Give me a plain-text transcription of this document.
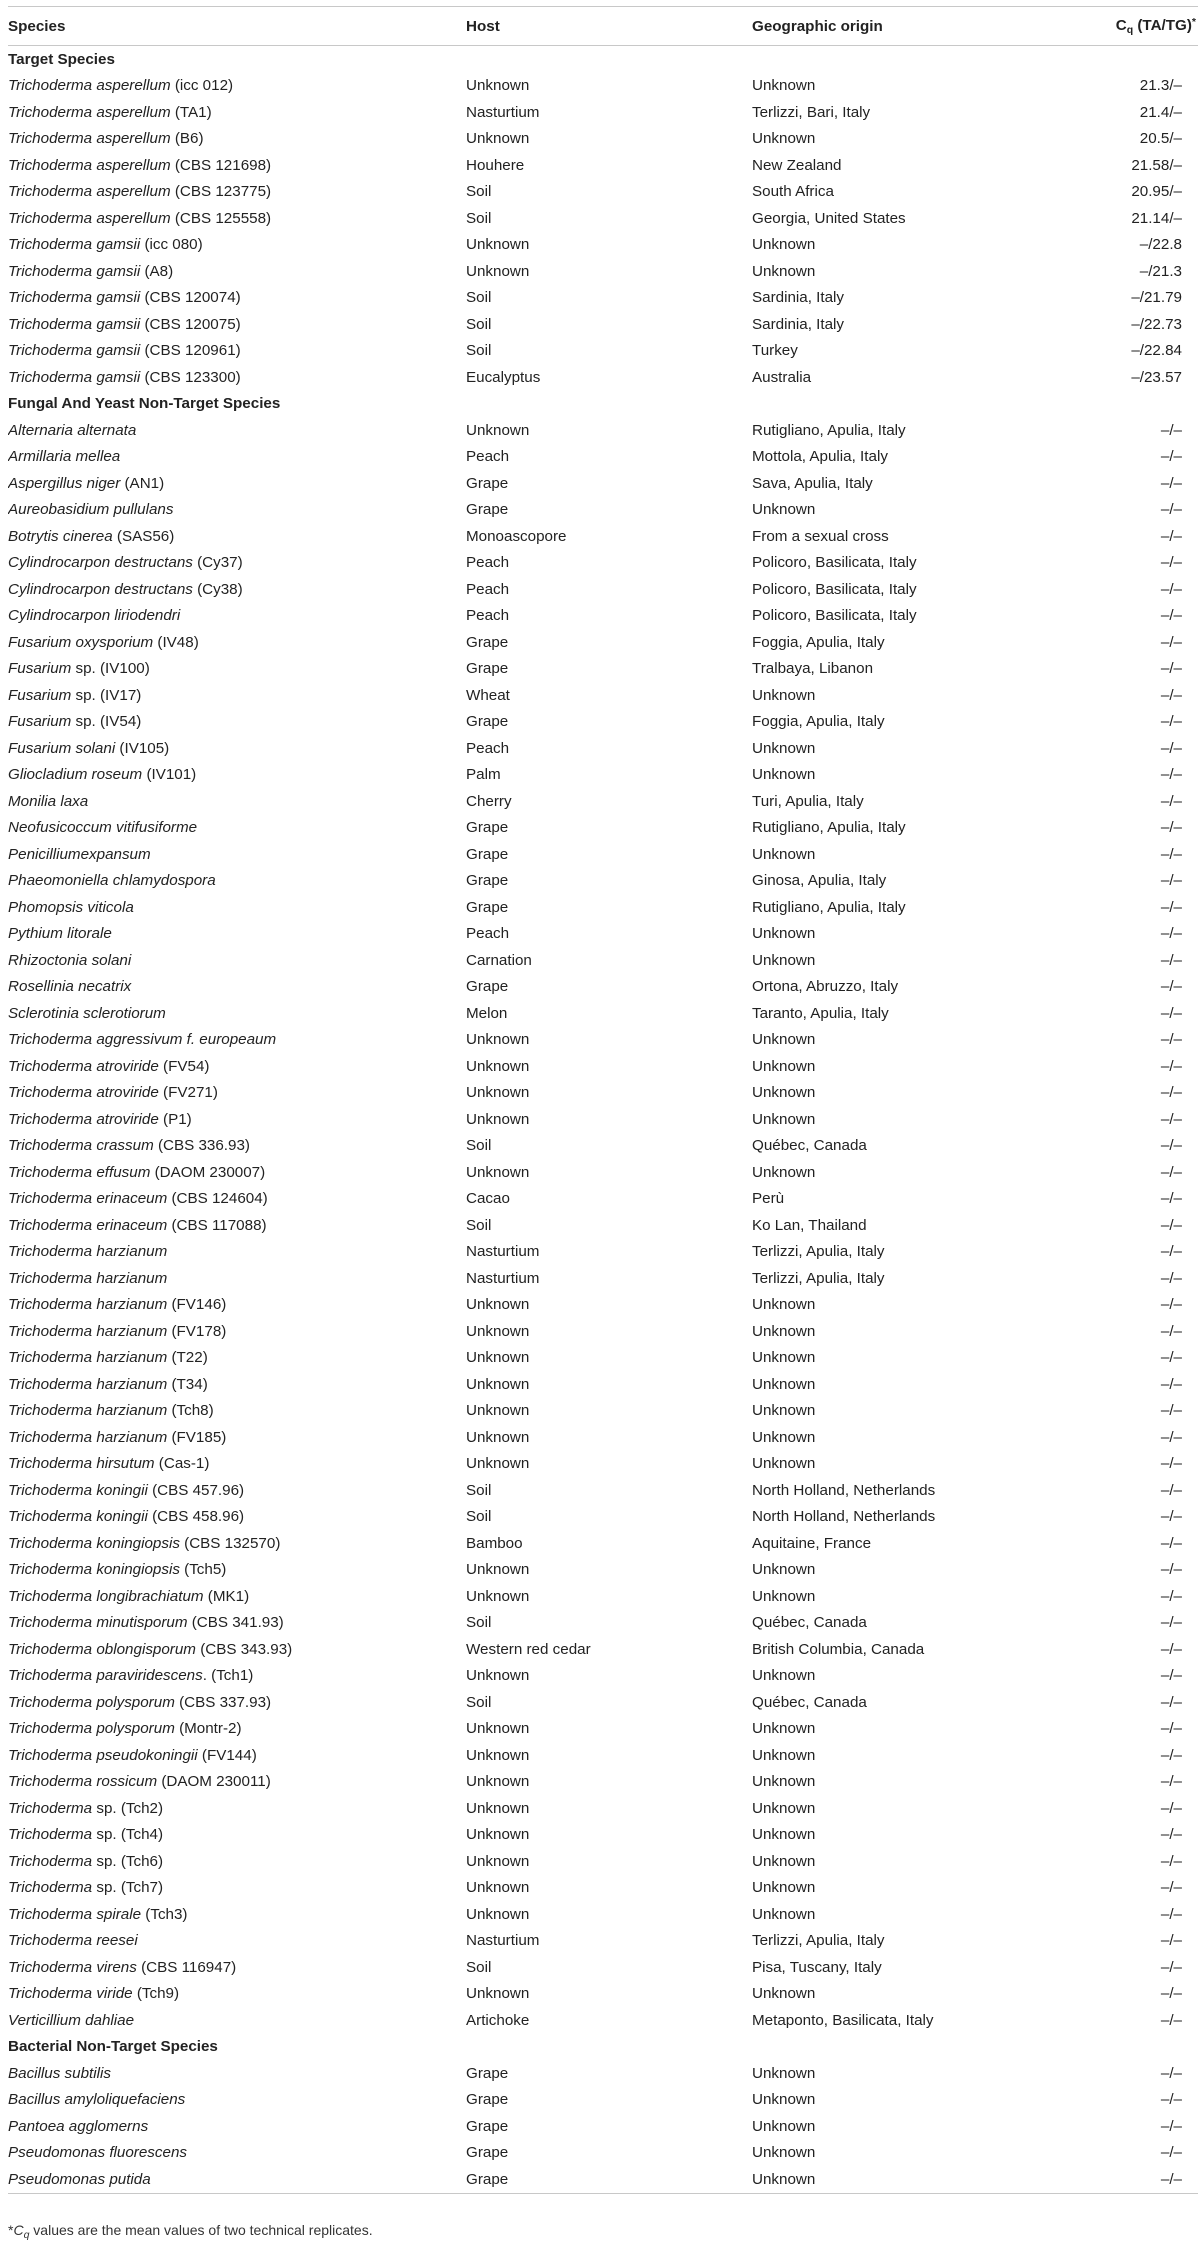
Species	Host	Geographic origin	$C_q$ (TA/TG)*
Target Species			
Trichoderma asperellum (icc 012)	Unknown	Unknown	21.3/–
Trichoderma asperellum (TA1)	Nasturtium	Terlizzi, Bari, Italy	21.4/–
Trichoderma asperellum (B6)	Unknown	Unknown	20.5/–
Trichoderma asperellum (CBS 121698)	Houhere	New Zealand	21.58/–
Trichoderma asperellum (CBS 123775)	Soil	South Africa	20.95/–
Trichoderma asperellum (CBS 125558)	Soil	Georgia, United States	21.14/–
Trichoderma gamsii (icc 080)	Unknown	Unknown	–/22.8
Trichoderma gamsii (A8)	Unknown	Unknown	–/21.3
Trichoderma gamsii (CBS 120074)	Soil	Sardinia, Italy	–/21.79
Trichoderma gamsii (CBS 120075)	Soil	Sardinia, Italy	–/22.73
Trichoderma gamsii (CBS 120961)	Soil	Turkey	–/22.84
Trichoderma gamsii (CBS 123300)	Eucalyptus	Australia	–/23.57
Fungal And Yeast Non-Target Species			
Alternaria alternata	Unknown	Rutigliano, Apulia, Italy	–/–
Armillaria mellea	Peach	Mottola, Apulia, Italy	–/–
Aspergillus niger (AN1)	Grape	Sava, Apulia, Italy	–/–
Aureobasidium pullulans	Grape	Unknown	–/–
Botrytis cinerea (SAS56)	Monoascopore	From a sexual cross	–/–
Cylindrocarpon destructans (Cy37)	Peach	Policoro, Basilicata, Italy	–/–
Cylindrocarpon destructans (Cy38)	Peach	Policoro, Basilicata, Italy	–/–
Cylindrocarpon liriodendri	Peach	Policoro, Basilicata, Italy	–/–
Fusarium oxysporium (IV48)	Grape	Foggia, Apulia, Italy	–/–
Fusarium sp. (IV100)	Grape	Tralbaya, Libanon	–/–
Fusarium sp. (IV17)	Wheat	Unknown	–/–
Fusarium sp. (IV54)	Grape	Foggia, Apulia, Italy	–/–
Fusarium solani (IV105)	Peach	Unknown	–/–
Gliocladium roseum (IV101)	Palm	Unknown	–/–
Monilia laxa	Cherry	Turi, Apulia, Italy	–/–
Neofusicoccum vitifusiforme	Grape	Rutigliano, Apulia, Italy	–/–
Penicilliumexpansum	Grape	Unknown	–/–
Phaeomoniella chlamydospora	Grape	Ginosa, Apulia, Italy	–/–
Phomopsis viticola	Grape	Rutigliano, Apulia, Italy	–/–
Pythium litorale	Peach	Unknown	–/–
Rhizoctonia solani	Carnation	Unknown	–/–
Rosellinia necatrix	Grape	Ortona, Abruzzo, Italy	–/–
Sclerotinia sclerotiorum	Melon	Taranto, Apulia, Italy	–/–
Trichoderma aggressivum f. europeaum	Unknown	Unknown	–/–
Trichoderma atroviride (FV54)	Unknown	Unknown	–/–
Trichoderma atroviride (FV271)	Unknown	Unknown	–/–
Trichoderma atroviride (P1)	Unknown	Unknown	–/–
Trichoderma crassum (CBS 336.93)	Soil	Québec, Canada	–/–
Trichoderma effusum (DAOM 230007)	Unknown	Unknown	–/–
Trichoderma erinaceum (CBS 124604)	Cacao	Perù	–/–
Trichoderma erinaceum (CBS 117088)	Soil	Ko Lan, Thailand	–/–
Trichoderma harzianum	Nasturtium	Terlizzi, Apulia, Italy	–/–
Trichoderma harzianum	Nasturtium	Terlizzi, Apulia, Italy	–/–
Trichoderma harzianum (FV146)	Unknown	Unknown	–/–
Trichoderma harzianum (FV178)	Unknown	Unknown	–/–
Trichoderma harzianum (T22)	Unknown	Unknown	–/–
Trichoderma harzianum (T34)	Unknown	Unknown	–/–
Trichoderma harzianum (Tch8)	Unknown	Unknown	–/–
Trichoderma harzianum (FV185)	Unknown	Unknown	–/–
Trichoderma hirsutum (Cas-1)	Unknown	Unknown	–/–
Trichoderma koningii (CBS 457.96)	Soil	North Holland, Netherlands	–/–
Trichoderma koningii (CBS 458.96)	Soil	North Holland, Netherlands	–/–
Trichoderma koningiopsis (CBS 132570)	Bamboo	Aquitaine, France	–/–
Trichoderma koningiopsis (Tch5)	Unknown	Unknown	–/–
Trichoderma longibrachiatum (MK1)	Unknown	Unknown	–/–
Trichoderma minutisporum (CBS 341.93)	Soil	Québec, Canada	–/–
Trichoderma oblongisporum (CBS 343.93)	Western red cedar	British Columbia, Canada	–/–
Trichoderma paraviridescens. (Tch1)	Unknown	Unknown	–/–
Trichoderma polysporum (CBS 337.93)	Soil	Québec, Canada	–/–
Trichoderma polysporum (Montr-2)	Unknown	Unknown	–/–
Trichoderma pseudokoningii (FV144)	Unknown	Unknown	–/–
Trichoderma rossicum (DAOM 230011)	Unknown	Unknown	–/–
Trichoderma sp. (Tch2)	Unknown	Unknown	–/–
Trichoderma sp. (Tch4)	Unknown	Unknown	–/–
Trichoderma sp. (Tch6)	Unknown	Unknown	–/–
Trichoderma sp. (Tch7)	Unknown	Unknown	–/–
Trichoderma spirale (Tch3)	Unknown	Unknown	–/–
Trichoderma reesei	Nasturtium	Terlizzi, Apulia, Italy	–/–
Trichoderma virens (CBS 116947)	Soil	Pisa, Tuscany, Italy	–/–
Trichoderma viride (Tch9)	Unknown	Unknown	–/–
Verticillium dahliae	Artichoke	Metaponto, Basilicata, Italy	–/–
Bacterial Non-Target Species			
Bacillus subtilis	Grape	Unknown	–/–
Bacillus amyloliquefaciens	Grape	Unknown	–/–
Pantoea agglomerns	Grape	Unknown	–/–
Pseudomonas fluorescens	Grape	Unknown	–/–
Pseudomonas putida	Grape	Unknown	–/–
$*C_q$ values are the mean values of two technical replicates.
